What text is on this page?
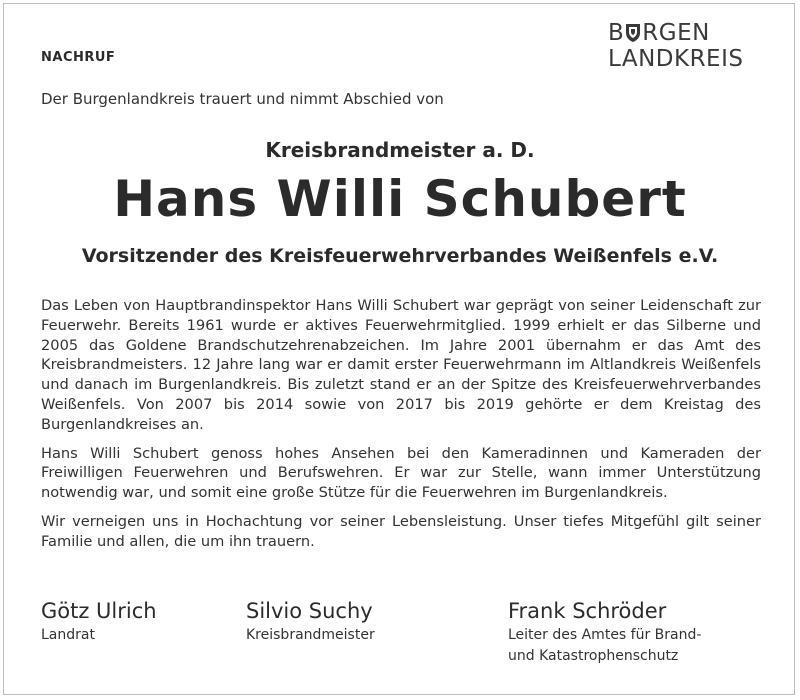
NACHRUF
B RGEN
LANDKREIS
Der Burgenlandkreis trauert und nimmt Abschied von
Kreisbrandmeister a. D.
Hans Willi Schubert
Vorsitzender des Kreisfeuerwehrverbandes Weißenfels e.V.

Das Leben von Hauptbrandinspektor Hans Willi Schubert war geprägt von seiner Leidenschaft zur Feuerwehr. Bereits 1961 wurde er aktives Feuerwehrmitglied. 1999 erhielt er das Silberne und 2005 das Goldene Brandschutzehrenabzeichen. Im Jahre 2001 übernahm er das Amt des Kreisbrandmeisters. 12 Jahre lang war er damit erster Feuerwehrmann im Altlandkreis Weißenfels und danach im Burgenlandkreis. Bis zuletzt stand er an der Spitze des Kreisfeuerwehrverbandes Weißenfels. Von 2007 bis 2014 sowie von 2017 bis 2019 gehörte er dem Kreistag des Burgenlandkreises an.

Hans Willi Schubert genoss hohes Ansehen bei den Kameradinnen und Kameraden der Freiwilligen Feuerwehren und Berufswehren. Er war zur Stelle, wann immer Unterstützung notwendig war, und somit eine große Stütze für die Feuerwehren im Burgenlandkreis.

Wir verneigen uns in Hochachtung vor seiner Lebensleistung. Unser tiefes Mitgefühl gilt seiner Familie und allen, die um ihn trauern.

Götz Ulrich
Landrat
Silvio Suchy
Kreisbrandmeister
Frank Schröder
Leiter des Amtes für Brand-
und Katastrophenschutz
